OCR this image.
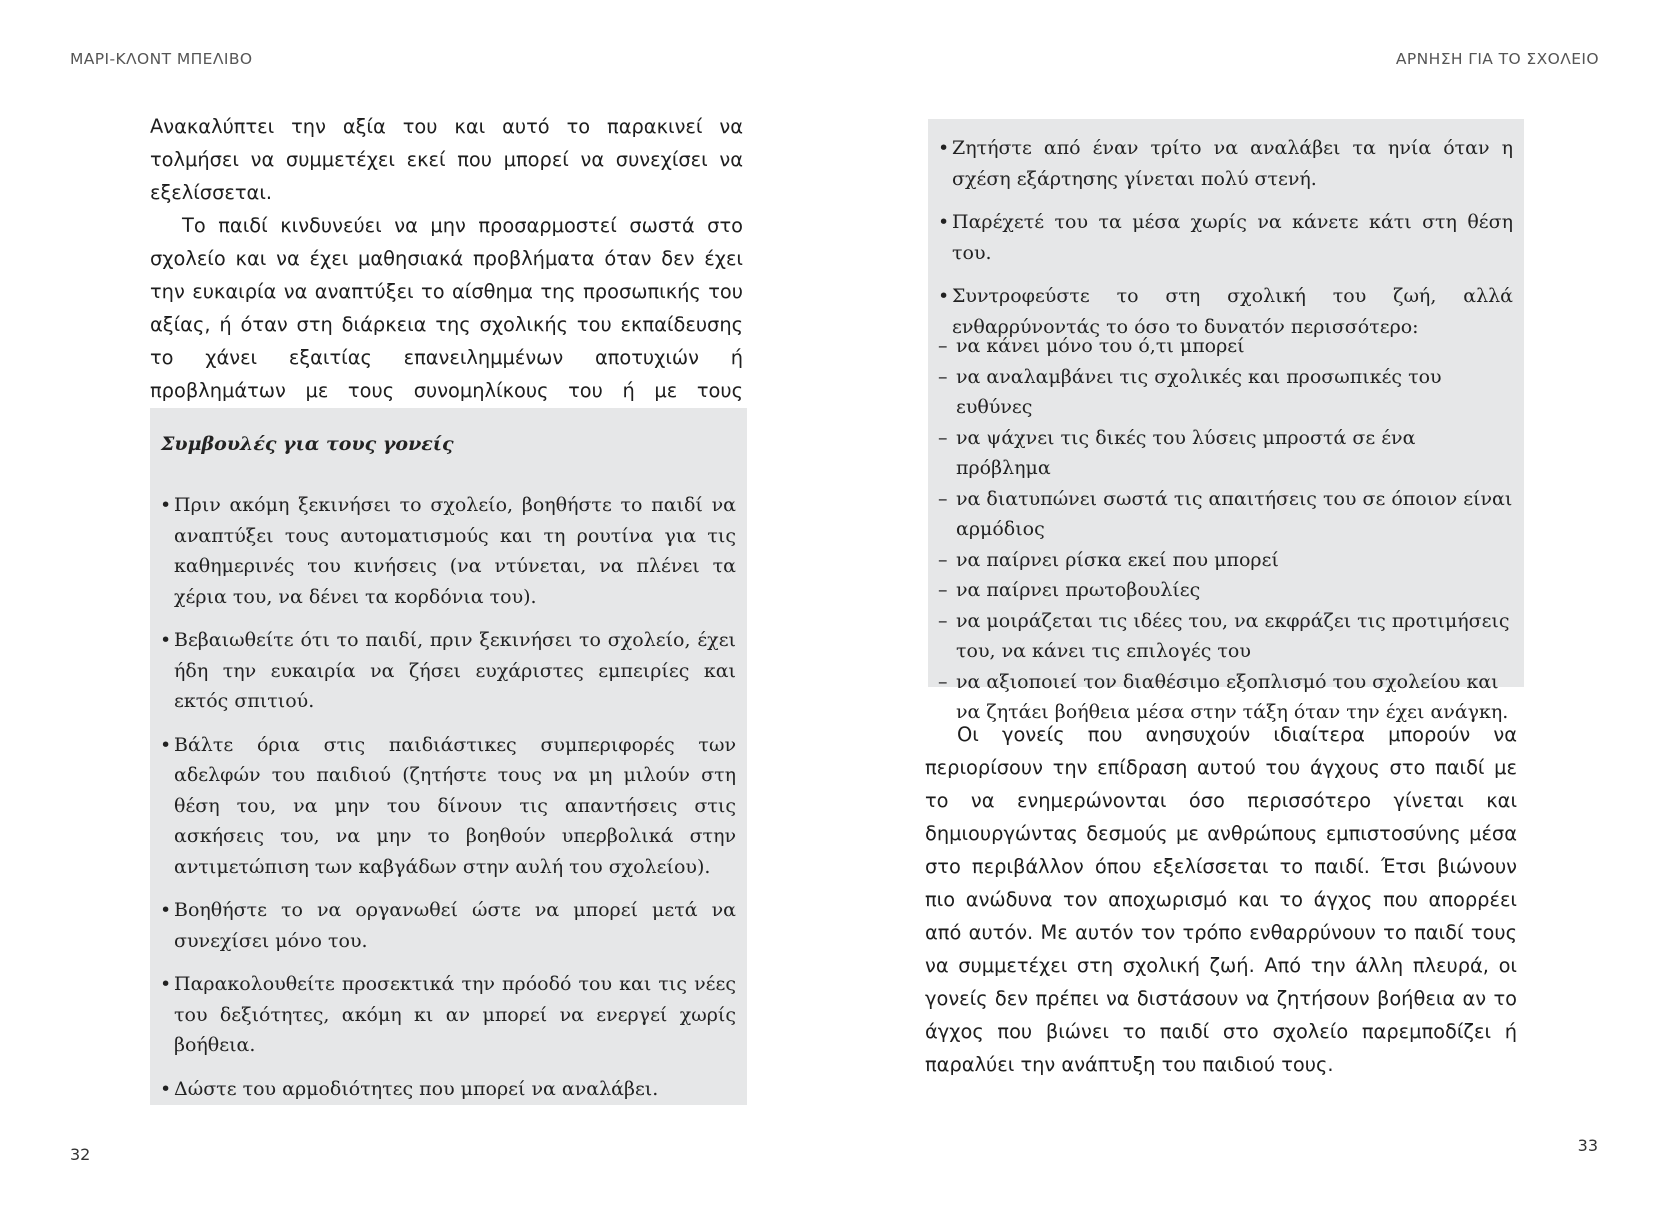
ΜΑΡΙ-ΚΛΟΝΤ ΜΠΕΛΙΒΟ

Ανακαλύπτει την αξία του και αυτό το παρακινεί να τολμήσει να συμμετέχει εκεί που μπορεί να συνεχίσει να εξελίσσεται.

Το παιδί κινδυνεύει να μην προσαρμοστεί σωστά στο σχολείο και να έχει μαθησιακά προβλήματα όταν δεν έχει την ευκαιρία να αναπτύξει το αίσθημα της προσωπικής του αξίας, ή όταν στη διάρκεια της σχολικής του εκπαίδευσης το χάνει εξαιτίας επανειλημμένων αποτυχιών ή προβλημάτων με τους συνομηλίκους του ή με τους

Συμβουλές για τους γονείς

• Πριν ακόμη ξεκινήσει το σχολείο, βοηθήστε το παιδί να αναπτύξει τους αυτοματισμούς και τη ρουτίνα για τις καθημερινές του κινήσεις (να ντύνεται, να πλένει τα χέρια του, να δένει τα κορδόνια του).
• Βεβαιωθείτε ότι το παιδί, πριν ξεκινήσει το σχολείο, έχει ήδη την ευκαιρία να ζήσει ευχάριστες εμπειρίες και εκτός σπιτιού.
• Βάλτε όρια στις παιδιάστικες συμπεριφορές των αδελφών του παιδιού (ζητήστε τους να μη μιλούν στη θέση του, να μην του δίνουν τις απαντήσεις στις ασκήσεις του, να μην το βοηθούν υπερβολικά στην αντιμετώπιση των καβγάδων στην αυλή του σχολείου).
• Βοηθήστε το να οργανωθεί ώστε να μπορεί μετά να συνεχίσει μόνο του.
• Παρακολουθείτε προσεκτικά την πρόοδό του και τις νέες του δεξιότητες, ακόμη κι αν μπορεί να ενεργεί χωρίς βοήθεια.
• Δώστε του αρμοδιότητες που μπορεί να αναλάβει.
32
ΑΡΝΗΣΗ ΓΙΑ ΤΟ ΣΧΟΛΕΙΟ
• Ζητήστε από έναν τρίτο να αναλάβει τα ηνία όταν η σχέση εξάρτησης γίνεται πολύ στενή.
• Παρέχετέ του τα μέσα χωρίς να κάνετε κάτι στη θέση του.
• Συντροφεύστε το στη σχολική του ζωή, αλλά ενθαρρύνοντάς το όσο το δυνατόν περισσότερο:
– να κάνει μόνο του ό,τι μπορεί
– να αναλαμβάνει τις σχολικές και προσωπικές του ευθύνες
– να ψάχνει τις δικές του λύσεις μπροστά σε ένα πρόβλημα
– να διατυπώνει σωστά τις απαιτήσεις του σε όποιον είναι αρμόδιος
– να παίρνει ρίσκα εκεί που μπορεί
– να παίρνει πρωτοβουλίες
– να μοιράζεται τις ιδέες του, να εκφράζει τις προτιμήσεις του, να κάνει τις επιλογές του
– να αξιοποιεί τον διαθέσιμο εξοπλισμό του σχολείου και να ζητάει βοήθεια μέσα στην τάξη όταν την έχει ανάγκη.

Οι γονείς που ανησυχούν ιδιαίτερα μπορούν να περιορίσουν την επίδραση αυτού του άγχους στο παιδί με το να ενημερώνονται όσο περισσότερο γίνεται και δημιουργώντας δεσμούς με ανθρώπους εμπιστοσύνης μέσα στο περιβάλλον όπου εξελίσσεται το παιδί. Έτσι βιώνουν πιο ανώδυνα τον αποχωρισμό και το άγχος που απορρέει από αυτόν. Με αυτόν τον τρόπο ενθαρρύνουν το παιδί τους να συμμετέχει στη σχολική ζωή. Από την άλλη πλευρά, οι γονείς δεν πρέπει να διστάσουν να ζητήσουν βοήθεια αν το άγχος που βιώνει το παιδί στο σχολείο παρεμποδίζει ή παραλύει την ανάπτυξη του παιδιού τους.

33
